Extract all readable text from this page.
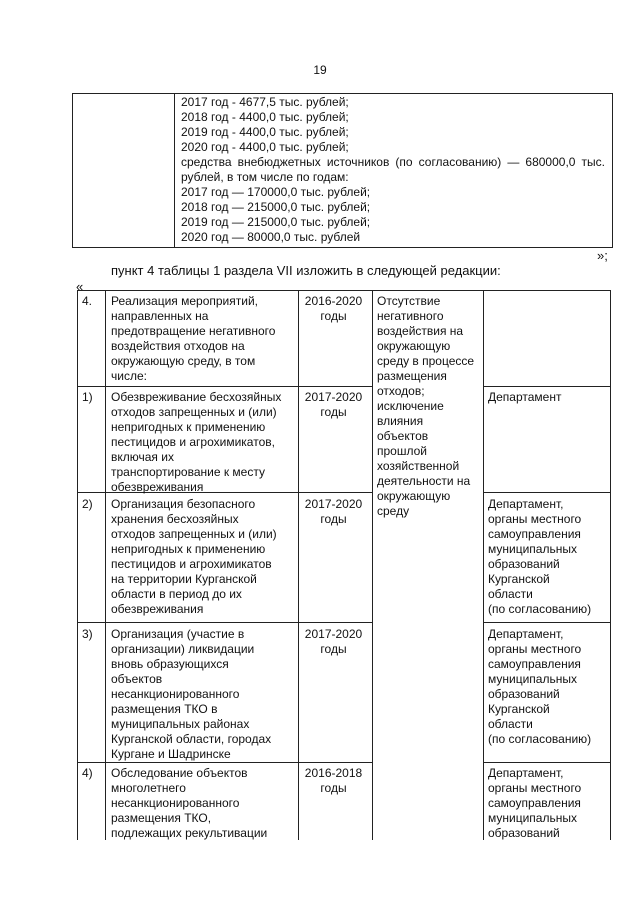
19
2017 год - 4677,5 тыс. рублей;
2018 год - 4400,0 тыс. рублей;
2019 год - 4400,0 тыс. рублей;
2020 год - 4400,0 тыс. рублей;
средства внебюджетных источников (по согласованию) — 680000,0 тыс.
рублей, в том числе по годам:
2017 год — 170000,0 тыс. рублей;
2018 год — 215000,0 тыс. рублей;
2019 год — 215000,0 тыс. рублей;
2020 год — 80000,0 тыс. рублей
»;
пункт 4 таблицы 1 раздела VII изложить в следующей редакции:
«
4. Реализация мероприятий,
направленных на
предотвращение негативного
воздействия отходов на
окружающую среду, в том
числе:
2016-2020
годы
Отсутствие
негативного
воздействия на
окружающую
среду в процессе
размещения
отходов;
исключение
влияния
объектов
прошлой
хозяйственной
деятельности на
окружающую
среду
1) Обезвреживание бесхозяйных
отходов запрещенных и (или)
непригодных к применению
пестицидов и агрохимикатов,
включая их
транспортирование к месту
обезвреживания
2017-2020
годы
Департамент
2) Организация безопасного
хранения бесхозяйных
отходов запрещенных и (или)
непригодных к применению
пестицидов и агрохимикатов
на территории Курганской
области в период до их
обезвреживания
2017-2020
годы
Департамент,
органы местного
самоуправления
муниципальных
образований
Курганской
области
(по согласованию)
3) Организация (участие в
организации) ликвидации
вновь образующихся
объектов
несанкционированного
размещения ТКО в
муниципальных районах
Курганской области, городах
Кургане и Шадринске
2017-2020
годы
Департамент,
органы местного
самоуправления
муниципальных
образований
Курганской
области
(по согласованию)
4) Обследование объектов
многолетнего
несанкционированного
размещения ТКО,
подлежащих рекультивации
2016-2018
годы
Департамент,
органы местного
самоуправления
муниципальных
образований
